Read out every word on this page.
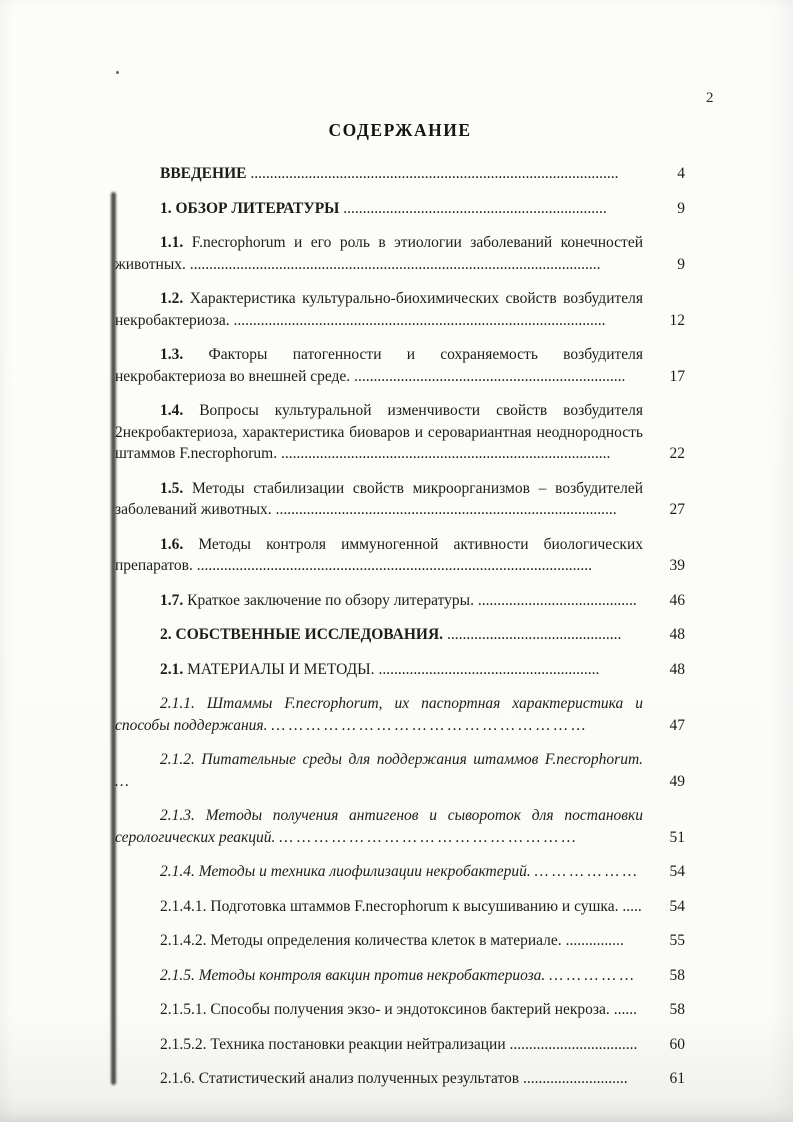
2
СОДЕРЖАНИЕ
ВВЕДЕНИЕ ...............................................................................................	4
1. ОБЗОР ЛИТЕРАТУРЫ ....................................................................	9
1.1. F.necrophorum и его роль в этиологии заболеваний конечностей животных. ..........................................................................................................	9
1.2. Характеристика культурально-биохимических свойств возбудителя некробактериоза. ................................................................................................	12
1.3. Факторы патогенности и сохраняемость возбудителя некробактериоза во внешней среде. ......................................................................	17
1.4. Вопросы культуральной изменчивости свойств возбудителя 2некробактериоза, характеристика биоваров и серовариантная неоднородность штаммов F.necrophorum. .....................................................................................	22
1.5. Методы стабилизации свойств микроорганизмов – возбудителей заболеваний животных. ........................................................................................	27
1.6. Методы контроля иммуногенной активности биологических препаратов. ......................................................................................................	39
1.7. Краткое заключение по обзору литературы. .........................................	46
2. СОБСТВЕННЫЕ ИССЛЕДОВАНИЯ. .............................................	48
2.1. МАТЕРИАЛЫ И МЕТОДЫ. .........................................................	48
2.1.1. Штаммы F.necrophorum, их паспортная характеристика и способы поддержания. … … … … … … … … … … … … … … … … … …	47
2.1.2. Питательные среды для поддержания штаммов F.necrophorum. …	49
2.1.3. Методы получения антигенов и сывороток для постановки серологических реакций. … … … … … … … … … … … … … … … … …	51
2.1.4. Методы и техника лиофилизации некробактерий. … … … … … …	54
2.1.4.1. Подготовка штаммов F.necrophorum к высушиванию и сушка. .....	54
2.1.4.2. Методы определения количества клеток в материале. ...............	55
2.1.5. Методы контроля вакцин против некробактериоза. … … … … …	58
2.1.5.1. Способы получения экзо- и эндотоксинов бактерий некроза. ......	58
2.1.5.2. Техника постановки реакции нейтрализации .................................	60
2.1.6. Статистический анализ полученных результатов ...........................	61
